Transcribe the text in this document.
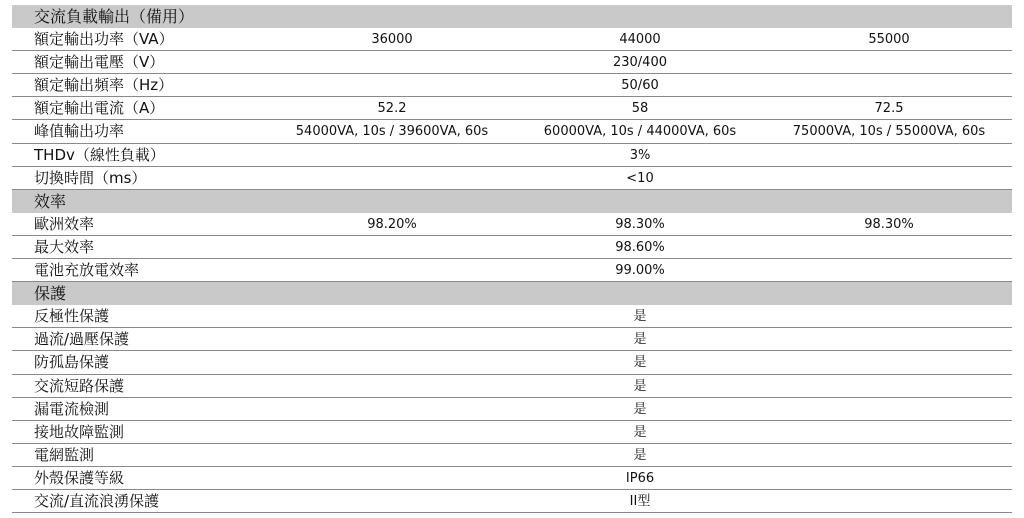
交流負載輸出（備用）
額定輸出功率（VA）	36000	44000	55000
額定輸出電壓（V）	230/400
額定輸出頻率（Hz）	50/60
額定輸出電流（A）	52.2	58	72.5
峰值輸出功率	54000VA, 10s / 39600VA, 60s	60000VA, 10s / 44000VA, 60s	75000VA, 10s / 55000VA, 60s
THDv（線性負載）	3%
切換時間（ms）	<10
效率
歐洲效率	98.20%	98.30%	98.30%
最大效率	98.60%
電池充放電效率	99.00%
保護
反極性保護	是
過流/過壓保護	是
防孤島保護	是
交流短路保護	是
漏電流檢測	是
接地故障監測	是
電網監測	是
外殼保護等級	IP66
交流/直流浪湧保護	II型
